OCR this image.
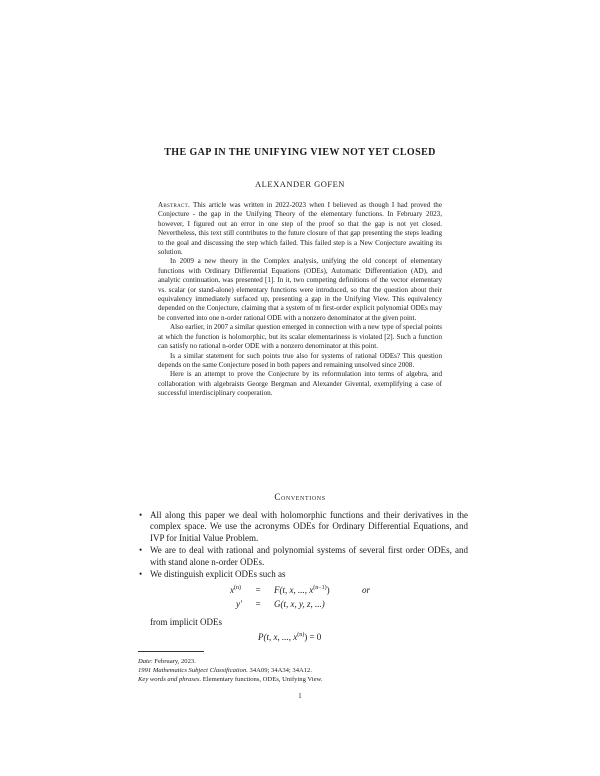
THE GAP IN THE UNIFYING VIEW NOT YET CLOSED
ALEXANDER GOFEN

Abstract. This article was written in 2022-2023 when I believed as though I had proved the Conjecture - the gap in the Unifying Theory of the elementary functions. In February 2023, however, I figured out an error in one step of the proof so that the gap is not yet closed. Nevertheless, this text still contributes to the future closure of that gap presenting the steps leading to the goal and discussing the step which failed. This failed step is a New Conjecture awaiting its solution.

In 2009 a new theory in the Complex analysis, unifying the old concept of elementary functions with Ordinary Differential Equations (ODEs), Automatic Differentiation (AD), and analytic continuation, was presented [1]. In it, two competing definitions of the vector elementary vs. scalar (or stand-alone) elementary functions were introduced, so that the question about their equivalency immediately surfaced up, presenting a gap in the Unifying View. This equivalency depended on the Conjecture, claiming that a system of m first-order explicit polynomial ODEs may be converted into one n-order rational ODE with a nonzero denominator at the given point.

Also earlier, in 2007 a similar question emerged in connection with a new type of special points at which the function is holomorphic, but its scalar elementariness is violated [2]. Such a function can satisfy no rational n-order ODE with a nonzero denominator at this point.

Is a similar statement for such points true also for systems of rational ODEs? This question depends on the same Conjecture posed in both papers and remaining unsolved since 2008.

Here is an attempt to prove the Conjecture by its reformulation into terms of algebra, and collaboration with algebraists George Bergman and Alexander Givental, exemplifying a case of successful interdisciplinary cooperation.

Conventions
• All along this paper we deal with holomorphic functions and their derivatives in the complex space. We use the acronyms ODEs for Ordinary Differential Equations, and IVP for Initial Value Problem.
• We are to deal with rational and polynomial systems of several first order ODEs, and with stand alone n-order ODEs.
• We distinguish explicit ODEs such as
$x^{(n)} = F(t$, x, ..., $x^{(n-1)}$)	or
y′ = G(t, x, y, z, ...)
from implicit ODEs
P(t, x, ..., $x^{(n)}) = 0$
Date: February, 2023.
1991 Mathematics Subject Classification. 34A09; 34A34; 34A12.
Key words and phrases. Elementary functions, ODEs, Unifying View.
1
